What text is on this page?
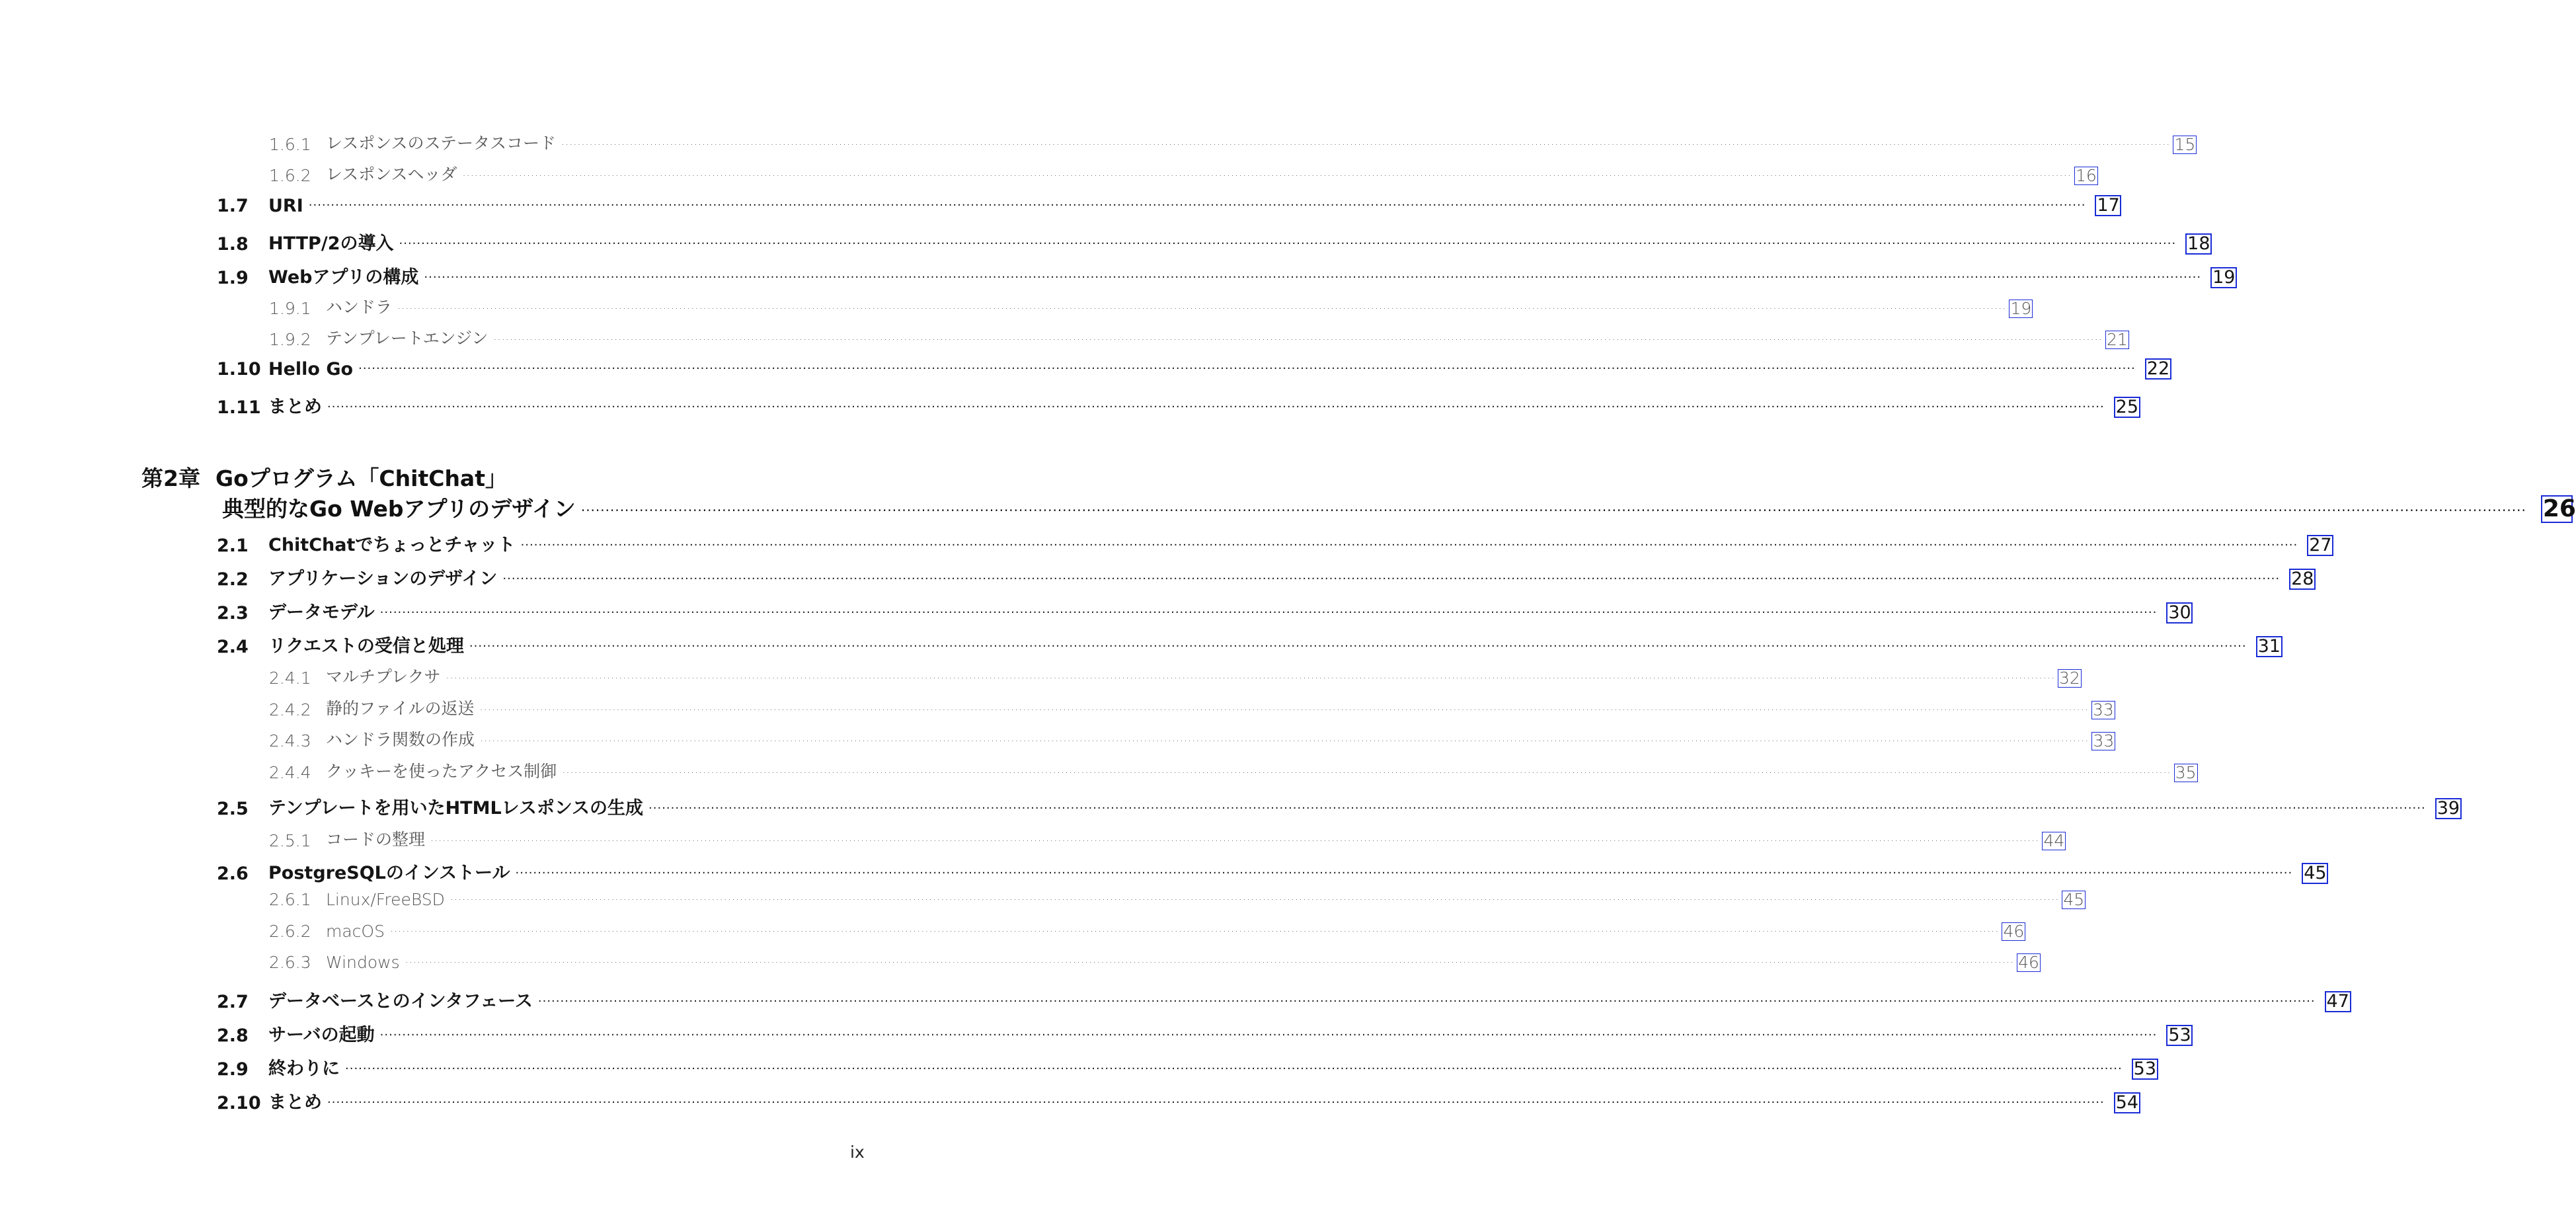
1.6.1 レスポンスのステータスコード ················································································································································································································································································································································································································ 15
1.6.2 レスポンスヘッダ ················································································································································································································································································································································································································ 16
1.7	URI ················································································································································································································································································································································································································ 17
1.8	HTTP/2の導入 ················································································································································································································································································································································································································ 18
1.9	Webアプリの構成 ················································································································································································································································································································································································································ 19
1.9.1 ハンドラ ················································································································································································································································································································································································································ 19
1.9.2 テンプレートエンジン ················································································································································································································································································································································································································ 21
1.10 Hello Go ················································································································································································································································································································································································································ 22
1.11 まとめ ················································································································································································································································································································································································································ 25
第2章 Goプログラム「ChitChat」
典型的なGo Webアプリのデザイン ················································································································································································································································································································································································································ 26
2.1	ChitChatでちょっとチャット ················································································································································································································································································································································································································ 27
2.2	アプリケーションのデザイン ················································································································································································································································································································································································································ 28
2.3	データモデル ················································································································································································································································································································································································································ 30
2.4	リクエストの受信と処理 ················································································································································································································································································································································································································ 31
2.4.1 マルチプレクサ ················································································································································································································································································································································································································ 32
2.4.2 静的ファイルの返送 ················································································································································································································································································································································································································ 33
2.4.3 ハンドラ関数の作成 ················································································································································································································································································································································································································ 33
2.4.4 クッキーを使ったアクセス制御 ················································································································································································································································································································································································································ 35
2.5	テンプレートを用いたHTMLレスポンスの生成 ················································································································································································································································································································································································································ 39
2.5.1 コードの整理 ················································································································································································································································································································································································································ 44
2.6	PostgreSQLのインストール ················································································································································································································································································································································································································ 45
2.6.1 Linux/FreeBSD ················································································································································································································································································································································································································ 45
2.6.2 macOS ················································································································································································································································································································································································································ 46
2.6.3 Windows ················································································································································································································································································································································································································ 46
2.7	データベースとのインタフェース ················································································································································································································································································································································································································ 47
2.8	サーバの起動 ················································································································································································································································································································································································································ 53
2.9	終わりに ················································································································································································································································································································································································································ 53
2.10 まとめ ················································································································································································································································································································································································································ 54
ix
